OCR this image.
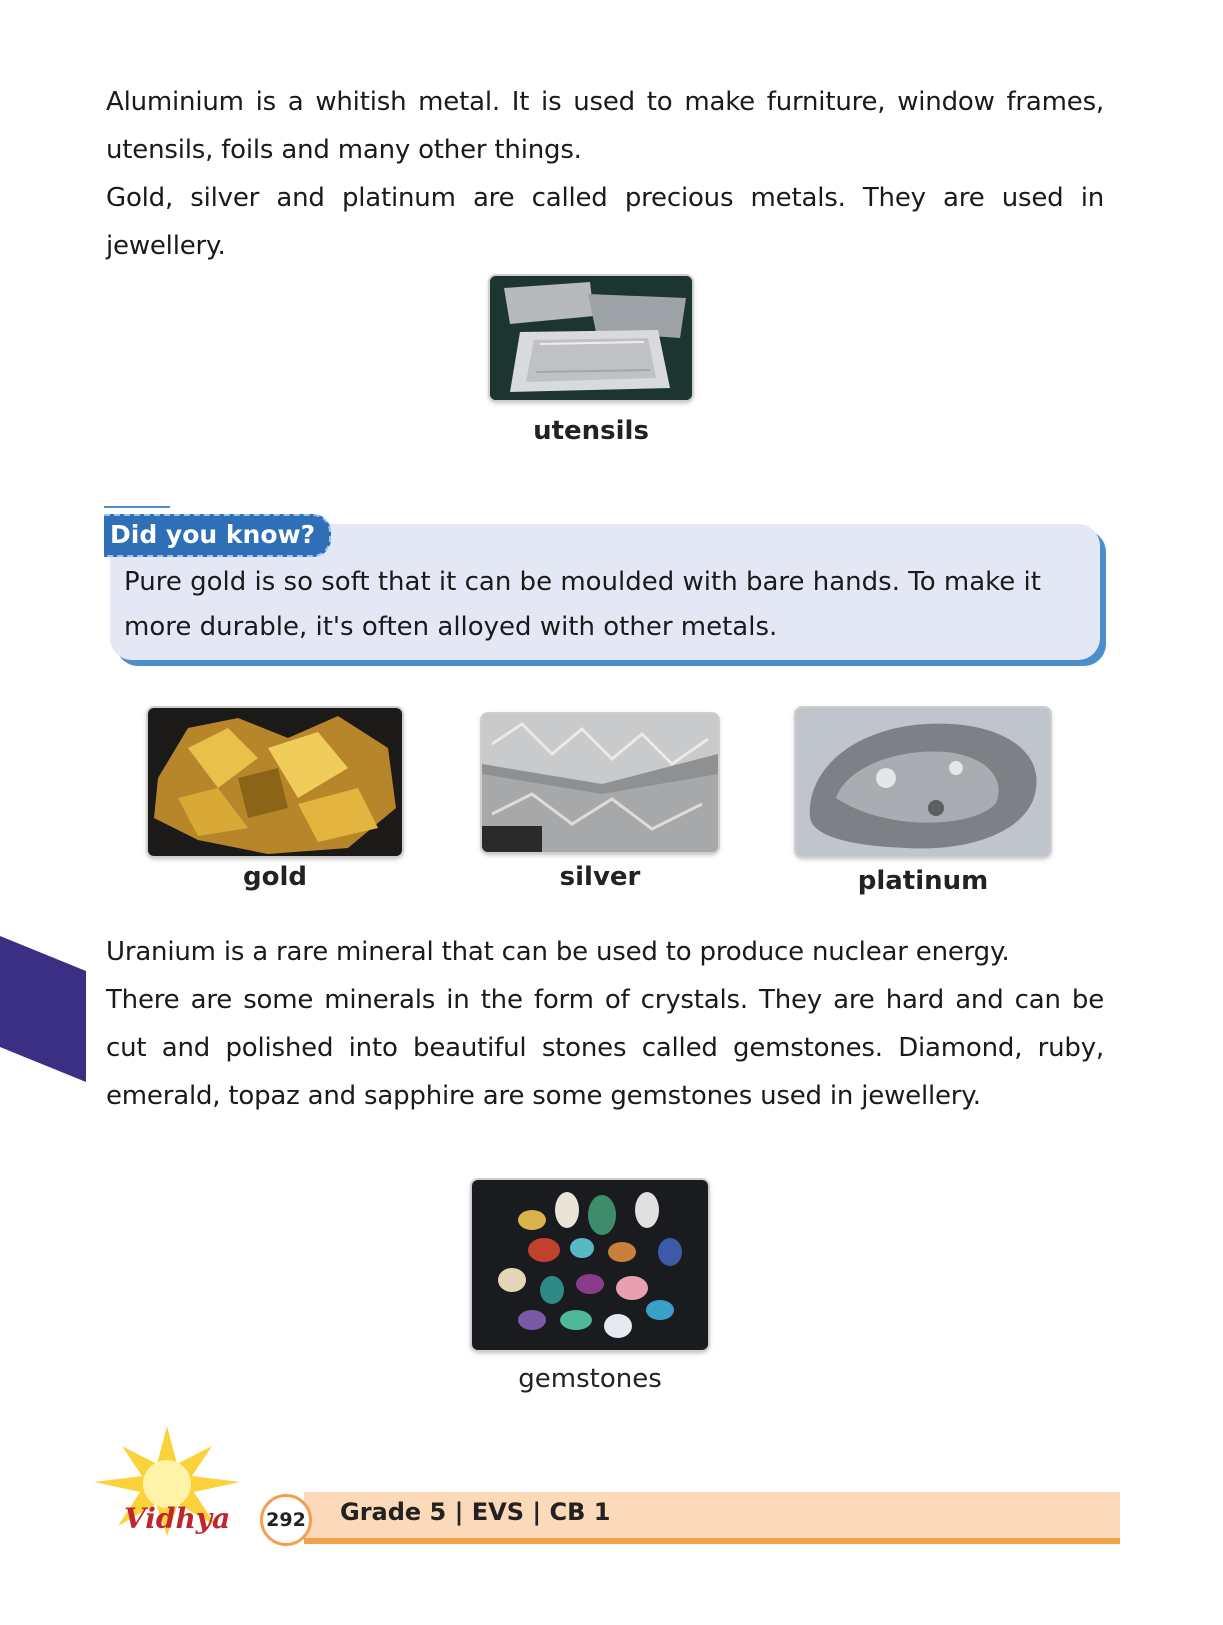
Aluminium is a whitish metal. It is used to make furniture, window frames, utensils, foils and many other things.

Gold, silver and platinum are called precious metals. They are used in jewellery.

utensils
Did you know?
Pure gold is so soft that it can be moulded with bare hands. To make it more durable, it's often alloyed with other metals.
gold	silver	platinum

Uranium is a rare mineral that can be used to produce nuclear energy.

There are some minerals in the form of crystals. They are hard and can be cut and polished into beautiful stones called gemstones. Diamond, ruby, emerald, topaz and sapphire are some gemstones used in jewellery.

gemstones
Vidhya	292 Grade 5 | EVS | CB 1
